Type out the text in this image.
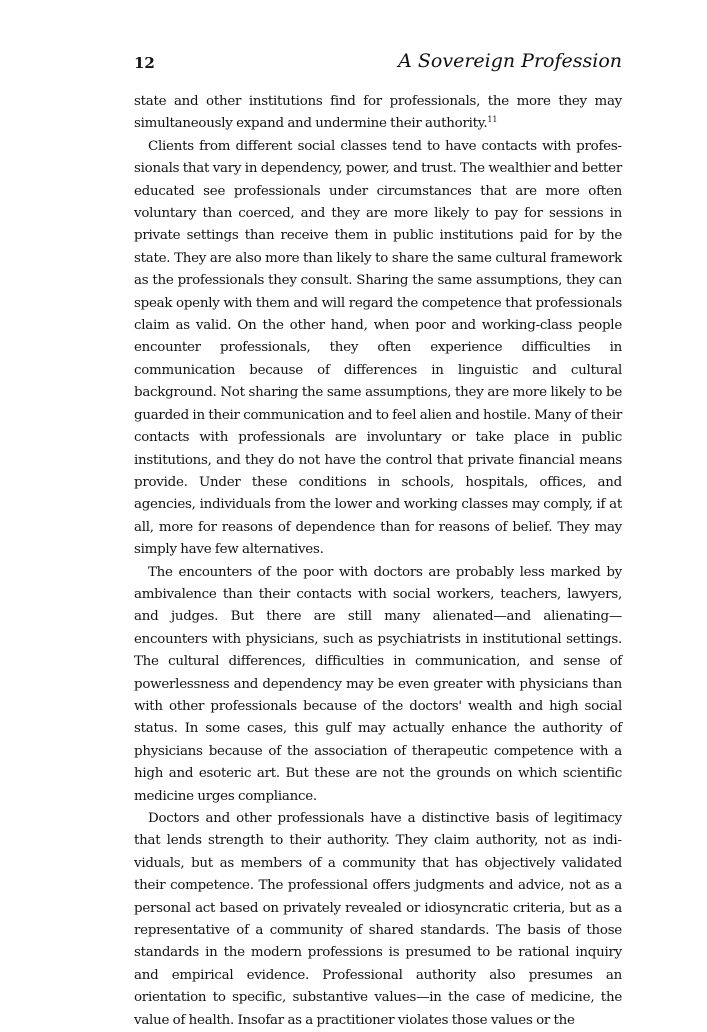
12	A Sovereign Profession

state and other institutions find for professionals, the more they may simultaneously expand and undermine their authority.$^{11}$

Clients from different social classes tend to have contacts with professionals that vary in dependency, power, and trust. The wealthier and better educated see professionals under circumstances that are more often voluntary than coerced, and they are more likely to pay for sessions in private settings than receive them in public institutions paid for by the state. They are also more than likely to share the same cultural framework as the professionals they consult. Sharing the same assumptions, they can speak openly with them and will regard the competence that professionals claim as valid. On the other hand, when poor and working-class people encounter professionals, they often experience difficulties in communication because of differences in linguistic and cultural background. Not sharing the same assumptions, they are more likely to be guarded in their communication and to feel alien and hostile. Many of their contacts with professionals are involuntary or take place in public institutions, and they do not have the control that private financial means provide. Under these conditions in schools, hospitals, offices, and agencies, individuals from the lower and working classes may comply, if at all, more for reasons of dependence than for reasons of belief. They may simply have few alternatives.

The encounters of the poor with doctors are probably less marked by ambivalence than their contacts with social workers, teachers, lawyers, and judges. But there are still many alienated—and alienating— encounters with physicians, such as psychiatrists in institutional settings. The cultural differences, difficulties in communication, and sense of powerlessness and dependency may be even greater with physicians than with other professionals because of the doctors' wealth and high social status. In some cases, this gulf may actually enhance the authority of physicians because of the association of therapeutic competence with a high and esoteric art. But these are not the grounds on which scientific medicine urges compliance.

Doctors and other professionals have a distinctive basis of legitimacy that lends strength to their authority. They claim authority, not as individuals, but as members of a community that has objectively validated their competence. The professional offers judgments and advice, not as a personal act based on privately revealed or idiosyncratic criteria, but as a representative of a community of shared standards. The basis of those standards in the modern professions is presumed to be rational inquiry and empirical evidence. Professional authority also presumes an orientation to specific, substantive values—in the case of medicine, the value of health. Insofar as a practitioner violates those values or the
